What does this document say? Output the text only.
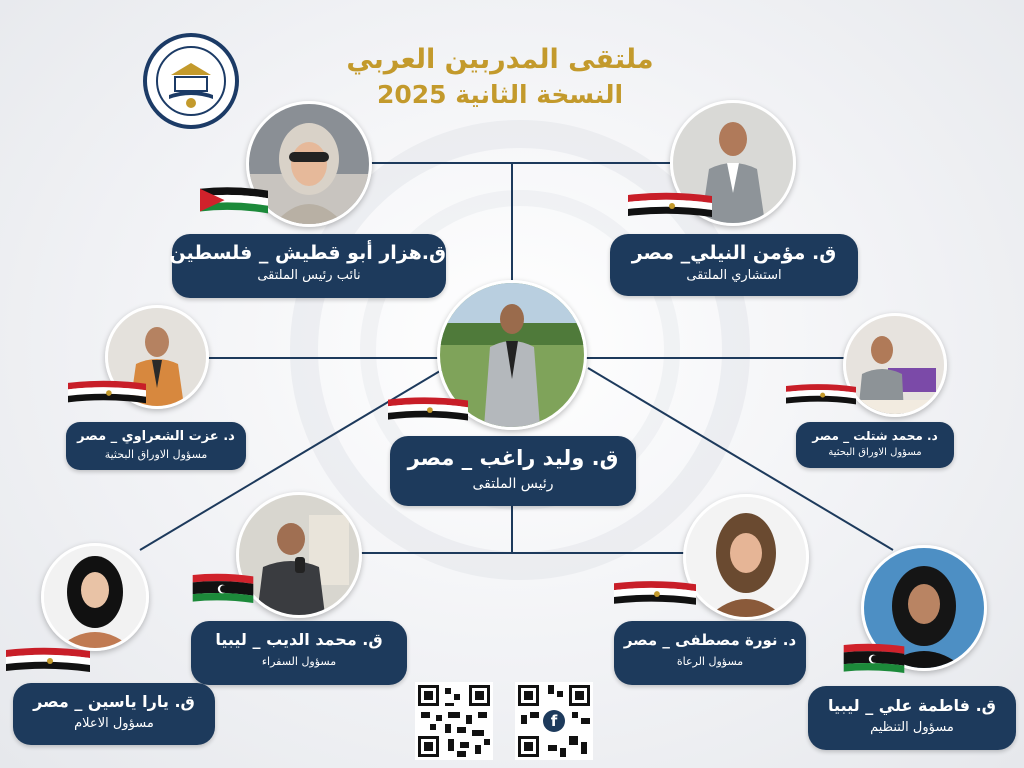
ملتقى المدربين العربي
النسخة الثانية 2025
ق.هزار أبو قطيش _ فلسطين
نائب رئيس الملتقى
ق. مؤمن النيلي_ مصر
استشاري الملتقى
د. عزت الشعراوي _ مصر
مسؤول الاوراق البحثية	ق. وليد راغب _ مصر
رئيس الملتقى
د. محمد شتلت _ مصر
مسؤول الاوراق البحثية
ق. محمد الديب _ ليبيا
مسؤول السفراء
ق. يارا ياسين _ مصر
مسؤول الاعلام
د. نورة مصطفى _ مصر
مسؤول الرعاة
ق. فاطمة علي _ ليبيا
مسؤول التنظيم
f
